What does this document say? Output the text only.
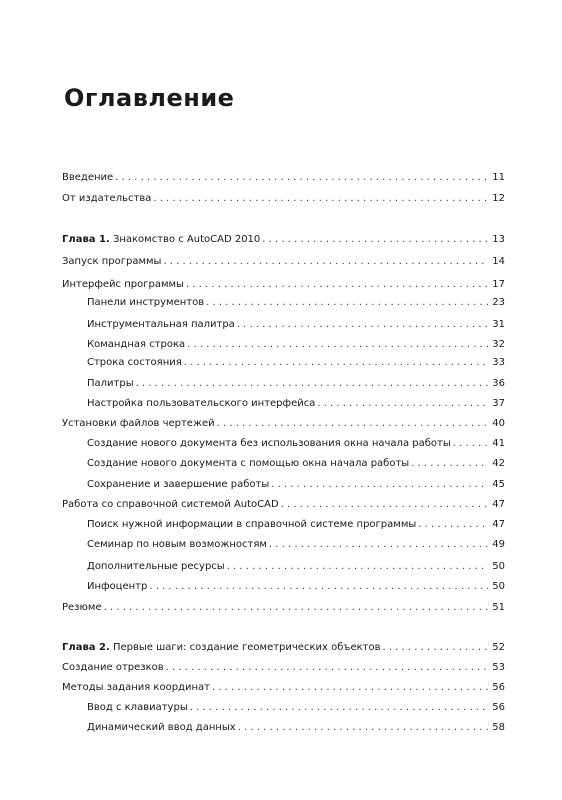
Оглавление
Введение . . .	11
От издательства . . .	12
Глава 1. Знакомство с AutoCAD 2010 . . .	13
Запуск программы . . .	14
Интерфейс программы . . .	17
Панели инструментов . . .	23
Инструментальная палитра . . .	31
Командная строка . . .	32
Строка состояния . . .	33
Палитры . . .	36
Настройка пользовательского интерфейса . . .	37
Установки файлов чертежей . . .	40
Создание нового документа без использования окна начала работы . . .	41
Создание нового документа с помощью окна начала работы . . .	42
Сохранение и завершение работы . . .	45
Работа со справочной системой AutoCAD . . .	47
Поиск нужной информации в справочной системе программы . . .	47
Семинар по новым возможностям . . .	49
Дополнительные ресурсы . . .	50
Инфоцентр . . .	50
Резюме . . .	51
Глава 2. Первые шаги: создание геометрических объектов . . .	52
Создание отрезков . . .	53
Методы задания координат . . .	56
Ввод с клавиатуры . . .	56
Динамический ввод данных . . .	58
